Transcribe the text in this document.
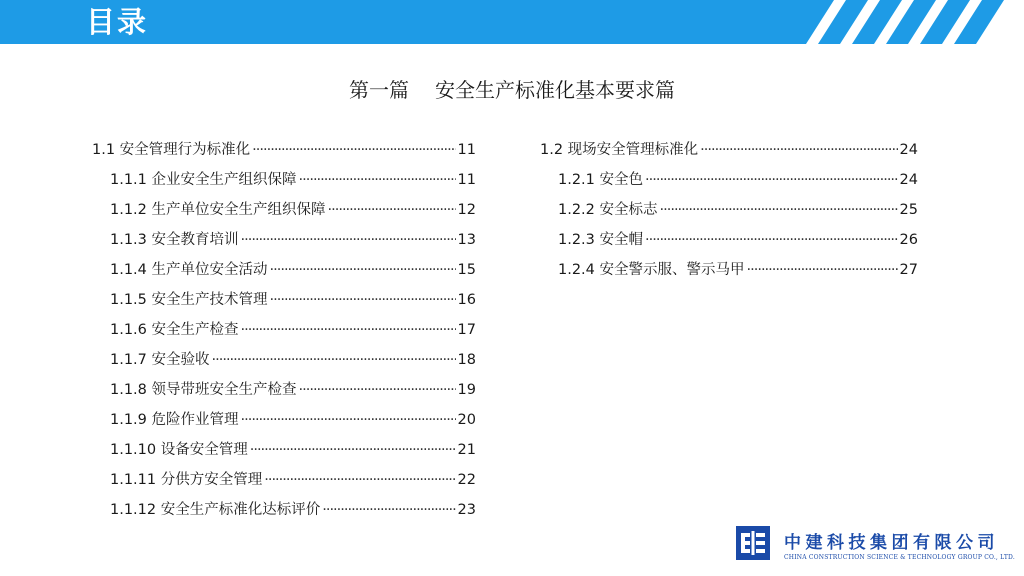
目录
第一篇 安全生产标准化基本要求篇
1.1 安全管理行为标准化 ·····	11
1.1.1 企业安全生产组织保障 ·····	11
1.1.2 生产单位安全生产组织保障 ·····	12
1.1.3 安全教育培训 ·····	13
1.1.4 生产单位安全活动 ·····	15
1.1.5 安全生产技术管理 ·····	16
1.1.6 安全生产检查 ·····	17
1.1.7 安全验收 ·····	18
1.1.8 领导带班安全生产检查 ·····	19
1.1.9 危险作业管理 ·····	20
1.1.10 设备安全管理 ·····	21
1.1.11 分供方安全管理 ·····	22
1.1.12 安全生产标准化达标评价 ·····	23
1.2 现场安全管理标准化 ·····	24
1.2.1 安全色 ·····	24
1.2.2 安全标志 ·····	25
1.2.3 安全帽 ·····	26
1.2.4 安全警示服、警示马甲 ·····	27
中建科技集团有限公司
CHINA CONSTRUCTION SCIENCE & TECHNOLOGY GROUP CO., LTD.
